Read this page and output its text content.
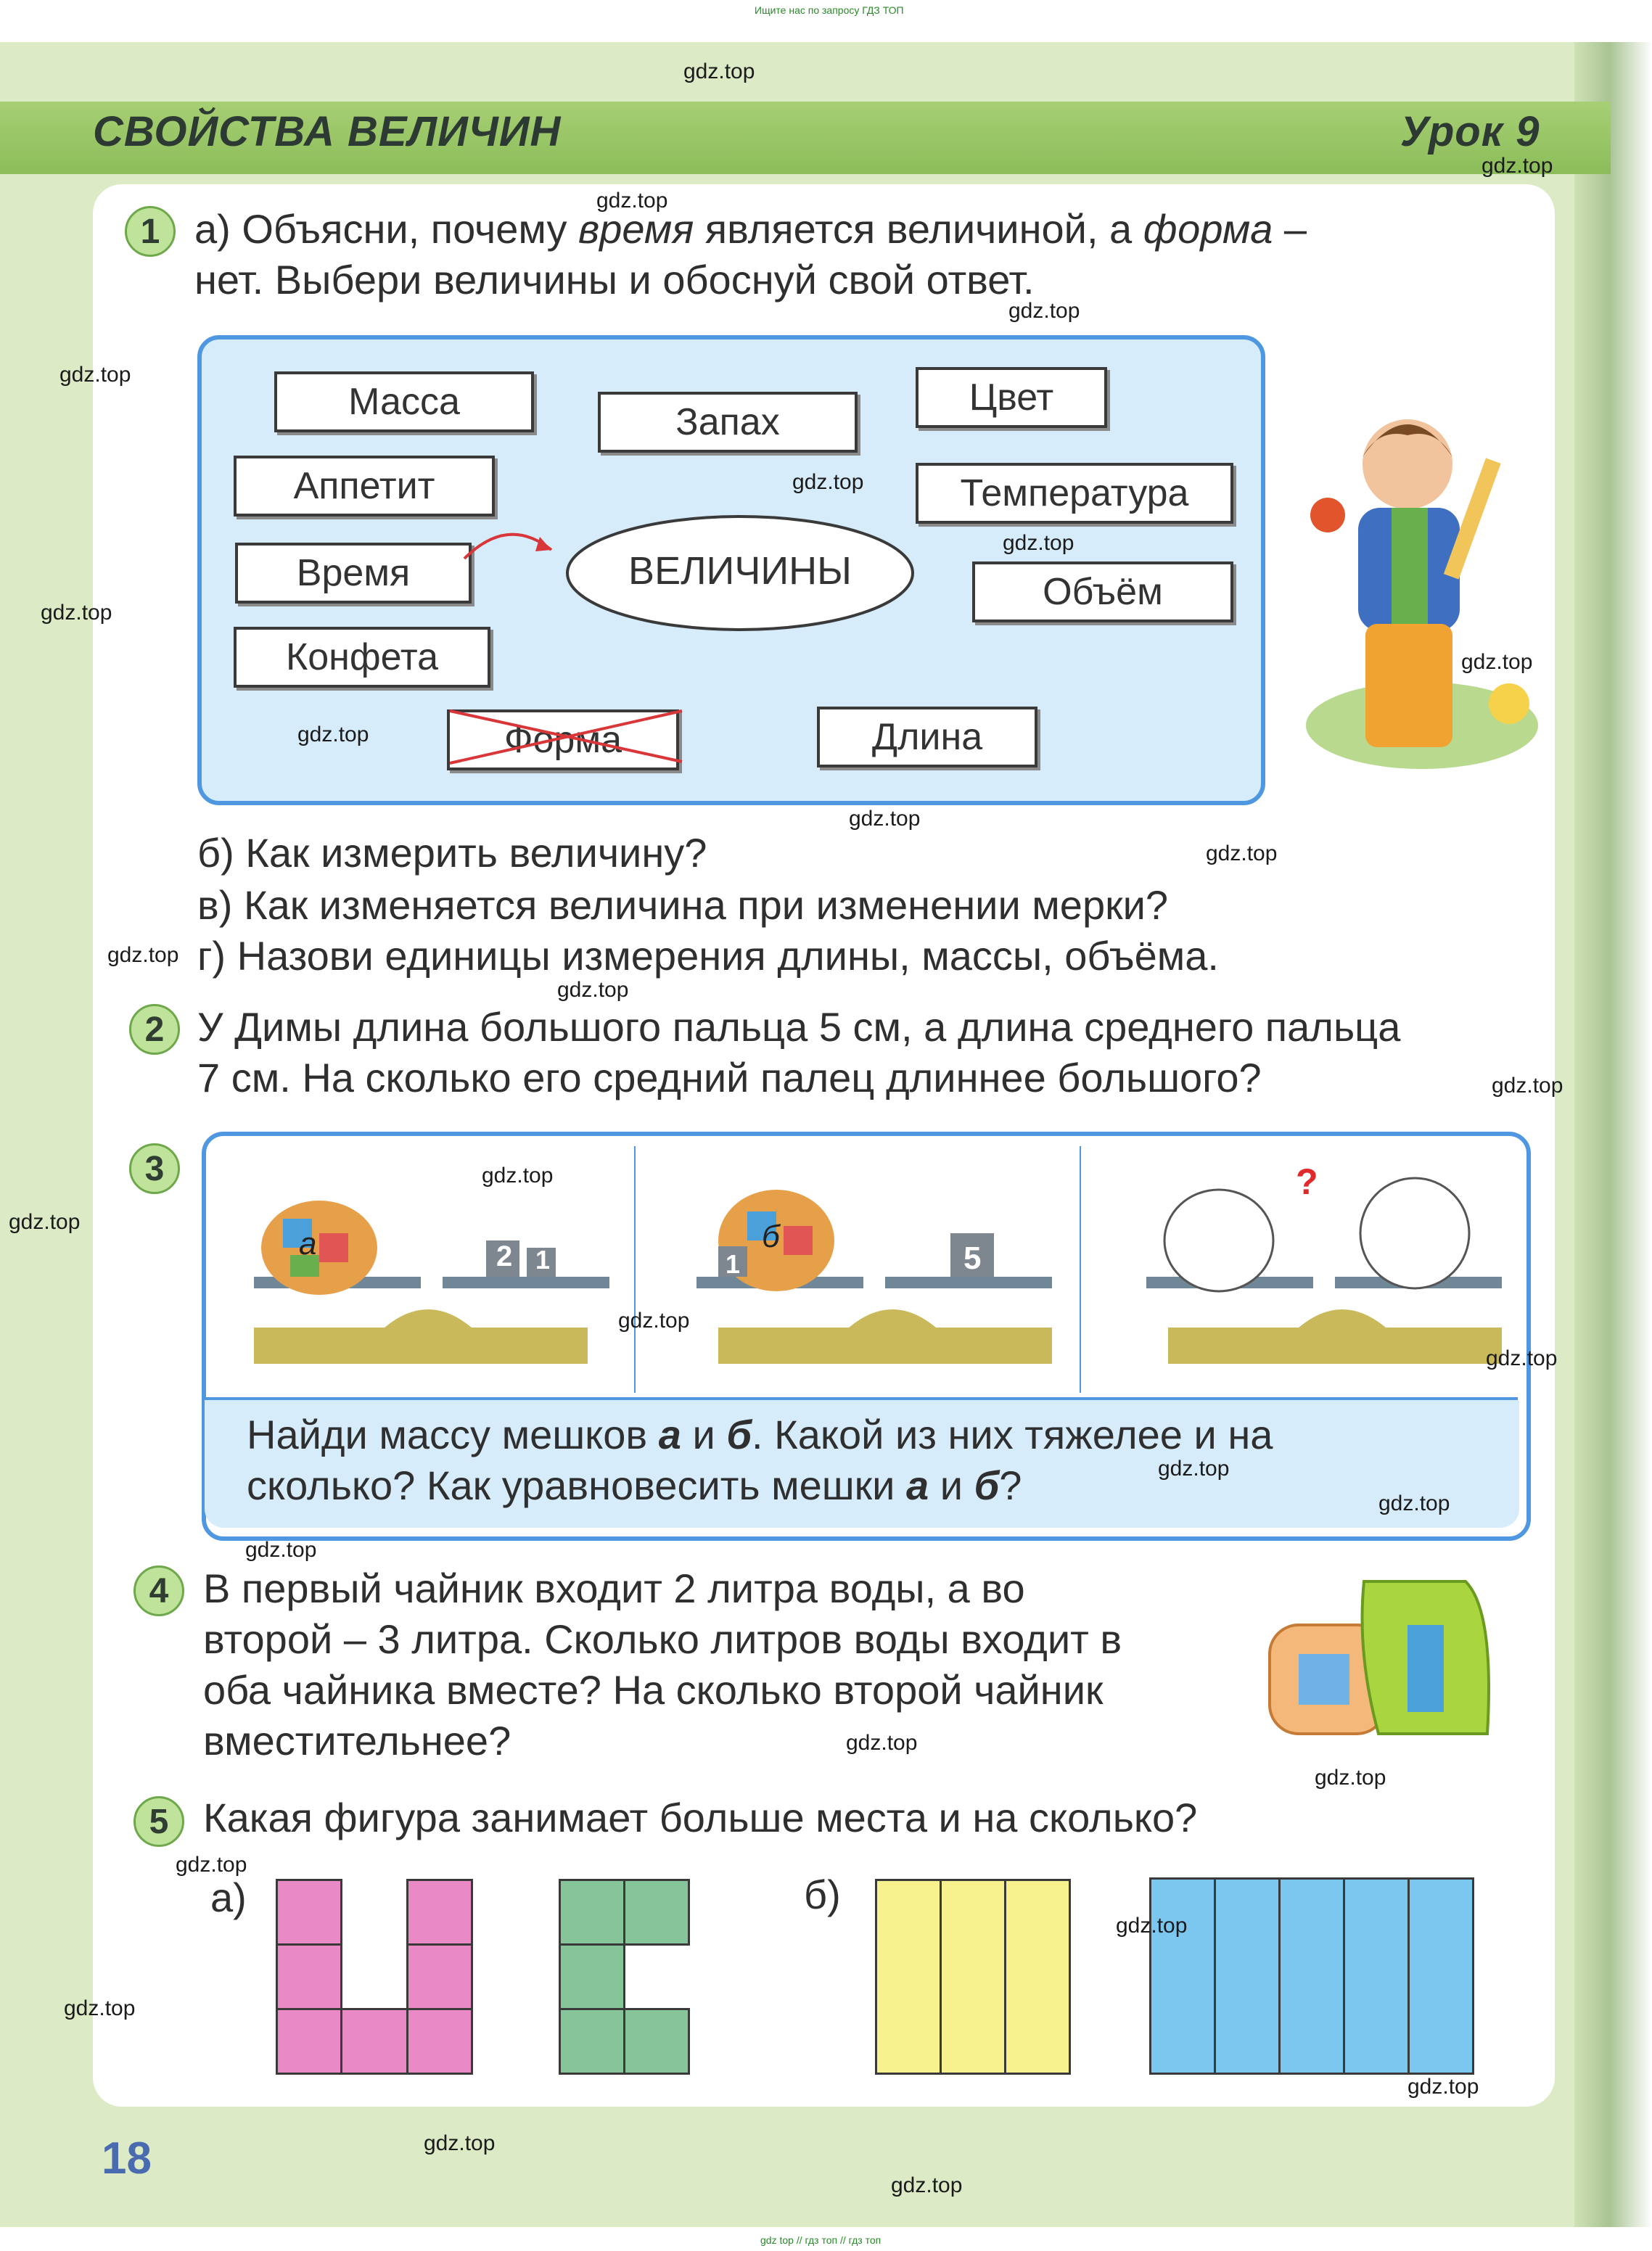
Ищите нас по запросу ГДЗ ТОП
СВОЙСТВА ВЕЛИЧИН	Урок 9
1 а) Объясни, почему время является величиной, а форма –
нет. Выбери величины и обоснуй свой ответ.
Масса	Запах
Цвет
Аппетит	Температура
Время	Объём
Конфета
Форма	Длина
ВЕЛИЧИНЫ
б) Как измерить величину?
в) Как изменяется величина при изменении мерки?
г) Назови единицы измерения длины, массы, объёма.
2 У Димы длина большого пальца 5 см, а длина среднего пальца
7 см. На сколько его средний палец длиннее большого?
3
а	2 1
б
1	5
?
Найди массу мешков а и б. Какой из них тяжелее и на
сколько? Как уравновесить мешки а и б?
4 В первый чайник входит 2 литра воды, а во
второй – 3 литра. Сколько литров воды входит в
оба чайника вместе? На сколько второй чайник
вместительнее?
5 Какая фигура занимает больше места и на сколько?
а)	б)
18
gdz.top
gdz.top
gdz.top
gdz.top
gdz.top
gdz.top
gdz.top
gdz.top
gdz.top
gdz.top
gdz.top
gdz.top
gdz.top
gdz.top
gdz.top
gdz.top
gdz.top
gdz.top
gdz.top
gdz.top
gdz.top
gdz.top
gdz.top
gdz.top
gdz.top
gdz.top
gdz.top
gdz.top
gdz.top
gdz.top
gdz top // гдз топ // гдз топ
